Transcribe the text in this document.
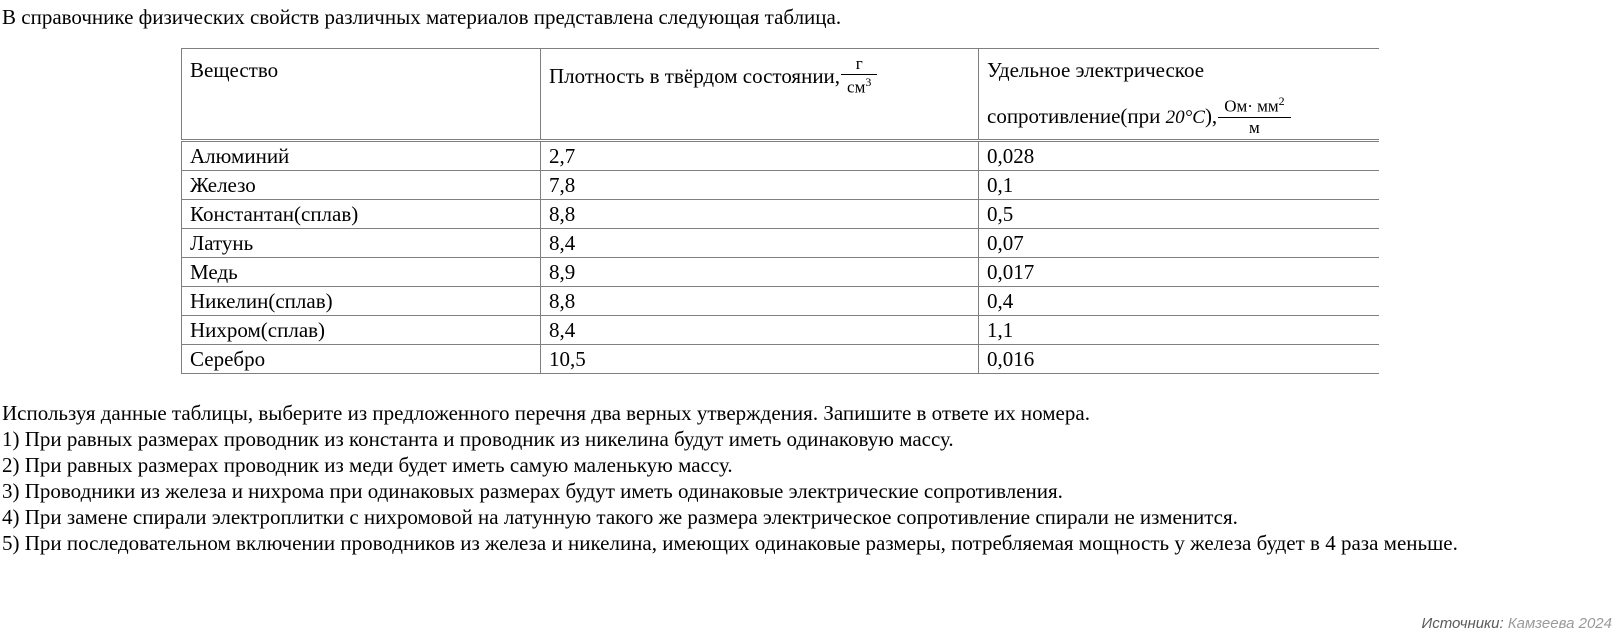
В справочнике физических свойств различных материалов представлена следующая таблица.
Вещество	Плотность в твёрдом состоянии, $\frac{г}{см^3}$	Удельное электрическое
сопротивление(при 20°C), $\frac{Ом\cdot мм^2}{м}$

Алюминий	2,7	0,028
Железо	7,8	0,1
Константан(сплав)	8,8	0,5
Латунь	8,4	0,07
Медь	8,9	0,017
Никелин(сплав)	8,8	0,4
Нихром(сплав)	8,4	1,1
Серебро	10,5	0,016

Используя данные таблицы, выберите из предложенного перечня два верных утверждения. Запишите в ответе их номера.

1) При равных размерах проводник из константа и проводник из никелина будут иметь одинаковую массу.

2) При равных размерах проводник из меди будет иметь самую маленькую массу.

3) Проводники из железа и нихрома при одинаковых размерах будут иметь одинаковые электрические сопротивления.

4) При замене спирали электроплитки с нихромовой на латунную такого же размера электрическое сопротивление спирали не изменится.

5) При последовательном включении проводников из железа и никелина, имеющих одинаковые размеры, потребляемая мощность у железа будет в 4 раза меньше.

Источники: Камзеева 2024
